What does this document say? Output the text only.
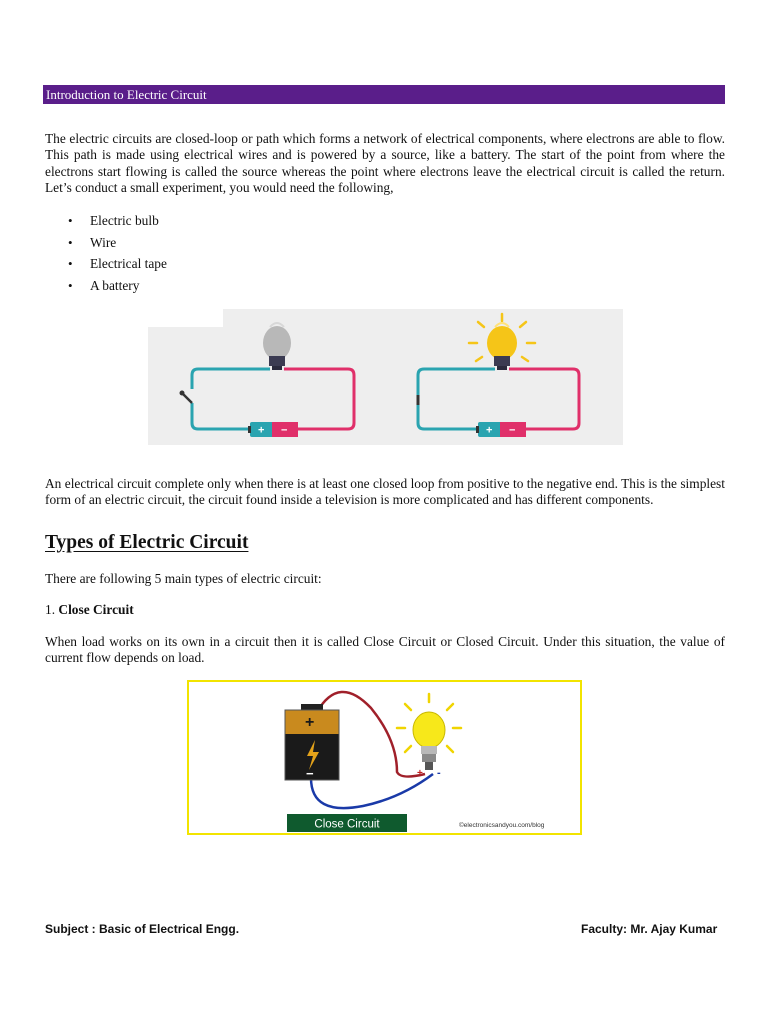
Introduction to Electric Circuit

The electric circuits are closed-loop or path which forms a network of electrical components, where electrons are able to flow. This path is made using electrical wires and is powered by a source, like a battery. The start of the point from where the electrons start flowing is called the source whereas the point where electrons leave the electrical circuit is called the return. Let’s conduct a small experiment, you would need the following,

• Electric bulb
• Wire
• Electrical tape
• A battery
+ −	+ −

An electrical circuit complete only when there is at least one closed loop from positive to the negative end. This is the simplest form of an electric circuit, the circuit found inside a television is more complicated and has different components.

Types of Electric Circuit

There are following 5 main types of electric circuit:

1. Close Circuit

When load works on its own in a circuit then it is called Close Circuit or Closed Circuit. Under this situation, the value of current flow depends on load.

+
−	+ -
Close Circuit	©electronicsandyou.com/blog
Subject : Basic of Electrical Engg.	Faculty: Mr. Ajay Kumar
